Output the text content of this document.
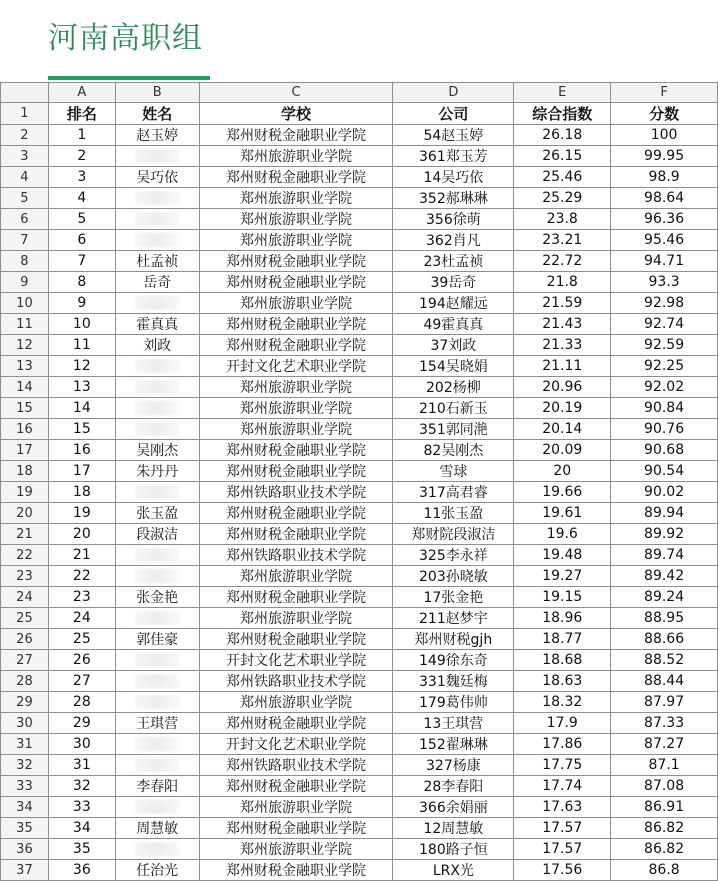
河南高职组
	A	B	C	D	E	F
1	排名	姓名	学校	公司	综合指数	分数
2	1	赵玉婷	郑州财税金融职业学院	54赵玉婷	26.18	100
3	2		郑州旅游职业学院	361郑玉芳	26.15	99.95
4	3	吴巧依	郑州财税金融职业学院	14吴巧依	25.46	98.9
5	4		郑州旅游职业学院	352郝琳琳	25.29	98.64
6	5		郑州旅游职业学院	356徐萌	23.8	96.36
7	6		郑州旅游职业学院	362肖凡	23.21	95.46
8	7	杜孟祯	郑州财税金融职业学院	23杜孟祯	22.72	94.71
9	8	岳奇	郑州财税金融职业学院	39岳奇	21.8	93.3
10	9		郑州旅游职业学院	194赵耀远	21.59	92.98
11	10	霍真真	郑州财税金融职业学院	49霍真真	21.43	92.74
12	11	刘政	郑州财税金融职业学院	37刘政	21.33	92.59
13	12		开封文化艺术职业学院	154吴晓娟	21.11	92.25
14	13		郑州旅游职业学院	202杨柳	20.96	92.02
15	14		郑州旅游职业学院	210石新玉	20.19	90.84
16	15		郑州旅游职业学院	351郭同滟	20.14	90.76
17	16	吴刚杰	郑州财税金融职业学院	82吴刚杰	20.09	90.68
18	17	朱丹丹	郑州财税金融职业学院	雪球	20	90.54
19	18		郑州铁路职业技术学院	317高君睿	19.66	90.02
20	19	张玉盈	郑州财税金融职业学院	11张玉盈	19.61	89.94
21	20	段淑洁	郑州财税金融职业学院	郑财院段淑洁	19.6	89.92
22	21		郑州铁路职业技术学院	325李永祥	19.48	89.74
23	22		郑州旅游职业学院	203孙晓敏	19.27	89.42
24	23	张金艳	郑州财税金融职业学院	17张金艳	19.15	89.24
25	24		郑州旅游职业学院	211赵梦宇	18.96	88.95
26	25	郭佳豪	郑州财税金融职业学院	郑州财税gjh	18.77	88.66
27	26		开封文化艺术职业学院	149徐东奇	18.68	88.52
28	27		郑州铁路职业技术学院	331魏廷梅	18.63	88.44
29	28		郑州旅游职业学院	179葛伟帅	18.32	87.97
30	29	王琪营	郑州财税金融职业学院	13王琪营	17.9	87.33
31	30		开封文化艺术职业学院	152翟琳琳	17.86	87.27
32	31		郑州铁路职业技术学院	327杨康	17.75	87.1
33	32	李春阳	郑州财税金融职业学院	28李春阳	17.74	87.08
34	33		郑州旅游职业学院	366余娟丽	17.63	86.91
35	34	周慧敏	郑州财税金融职业学院	12周慧敏	17.57	86.82
36	35		郑州旅游职业学院	180路子恒	17.57	86.82
37	36	任治光	郑州财税金融职业学院	LRX光	17.56	86.8
